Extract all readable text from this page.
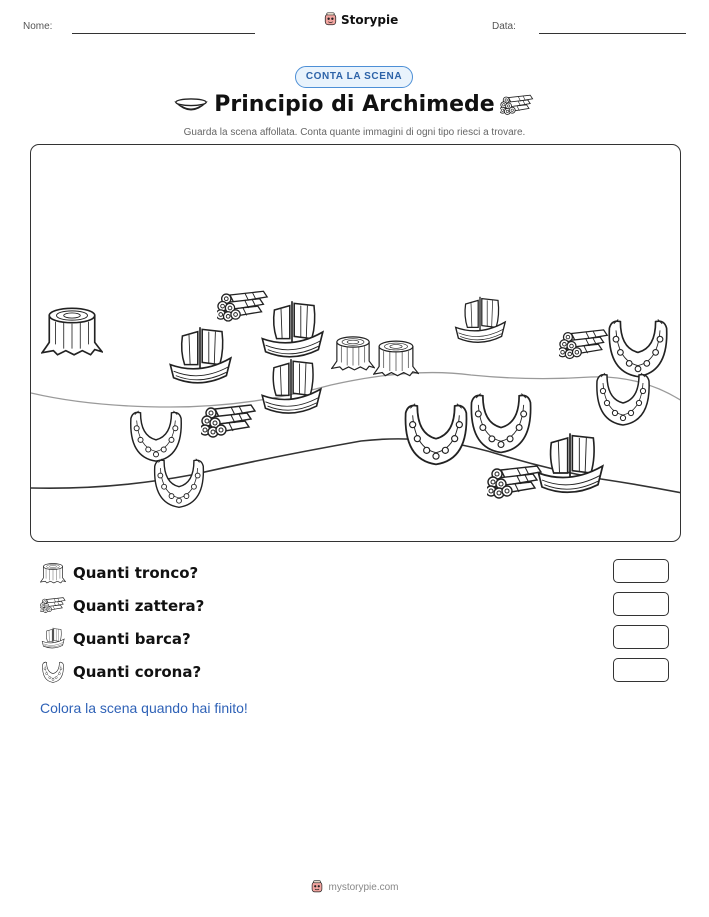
Nome:	Storypie	Data:
CONTA LA SCENA
Principio di Archimede
Guarda la scena affollata. Conta quante immagini di ogni tipo riesci a trovare.
Quanti tronco?
Quanti zattera?
Quanti barca?
Quanti corona?
Colora la scena quando hai finito!
mystorypie.com
